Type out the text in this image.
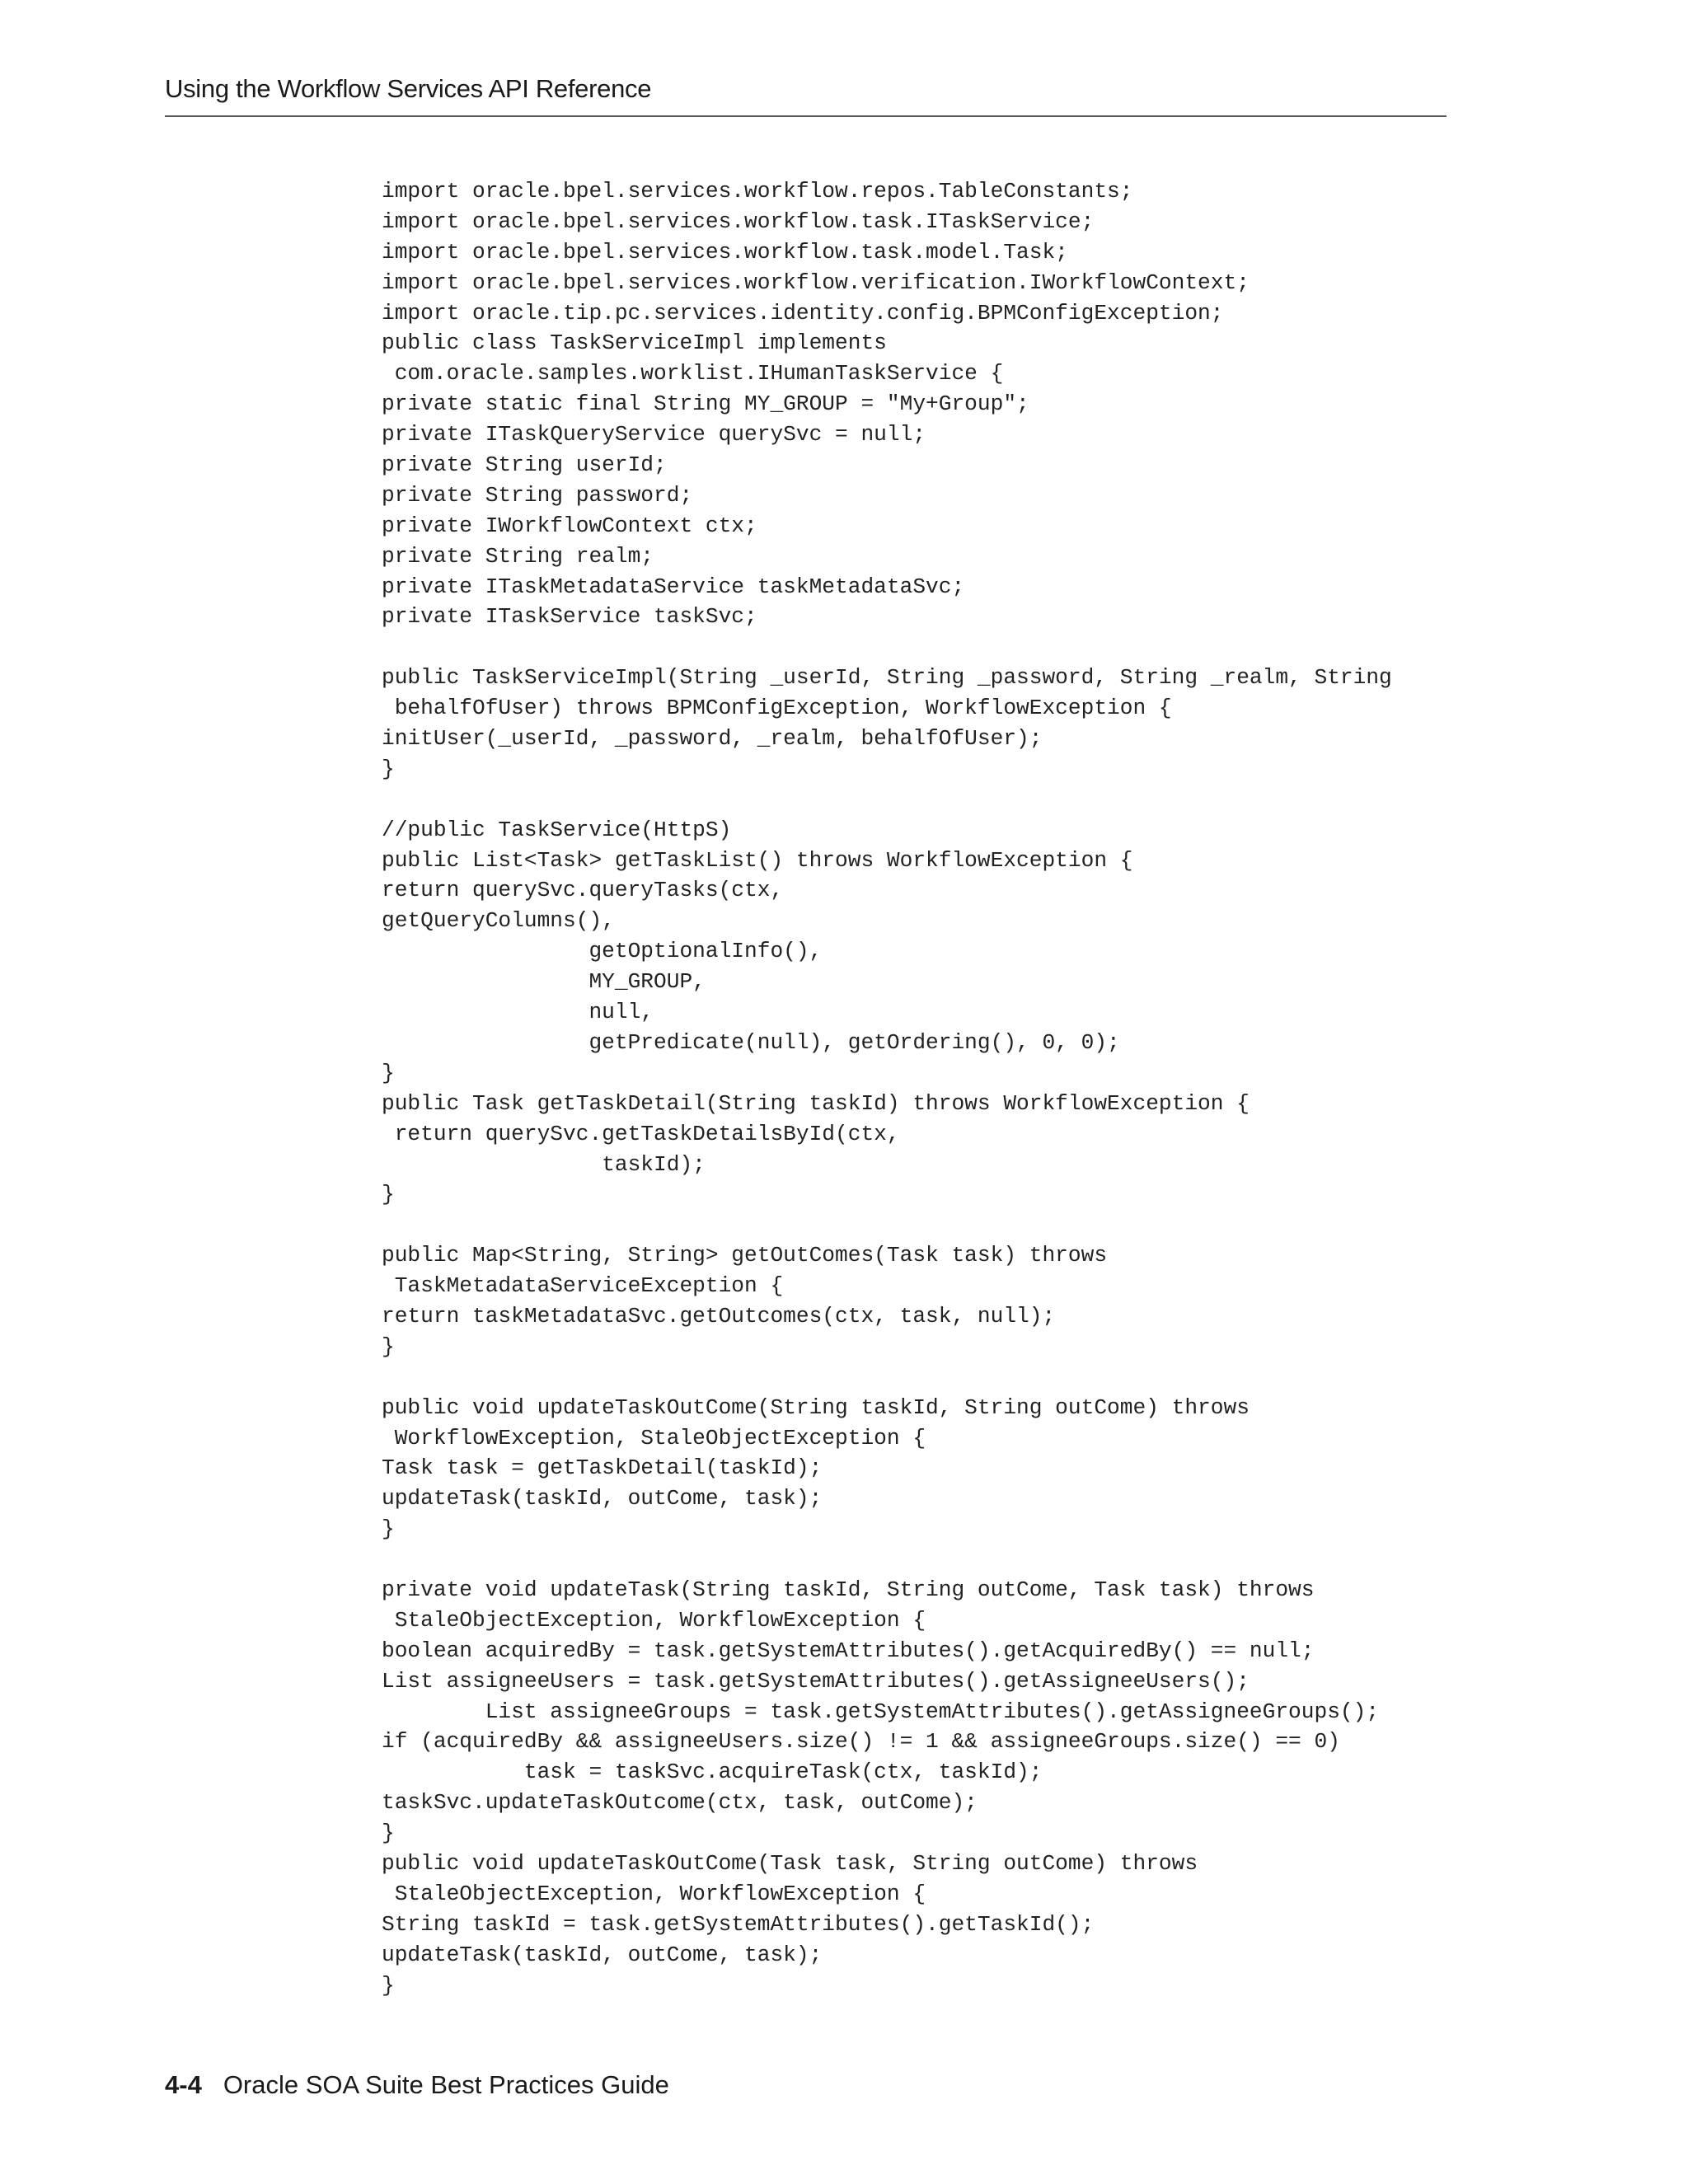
Using the Workflow Services API Reference
import oracle.bpel.services.workflow.repos.TableConstants;
import oracle.bpel.services.workflow.task.ITaskService;
import oracle.bpel.services.workflow.task.model.Task;
import oracle.bpel.services.workflow.verification.IWorkflowContext;
import oracle.tip.pc.services.identity.config.BPMConfigException;
public class TaskServiceImpl implements
com.oracle.samples.worklist.IHumanTaskService {
private static final String MY_GROUP = "My+Group";
private ITaskQueryService querySvc = null;
private String userId;
private String password;
private IWorkflowContext ctx;
private String realm;
private ITaskMetadataService taskMetadataSvc;
private ITaskService taskSvc;
public TaskServiceImpl(String _userId, String _password, String _realm, String
behalfOfUser) throws BPMConfigException, WorkflowException {
initUser(_userId, _password, _realm, behalfOfUser);
}
//public TaskService(HttpS)
public List<Task> getTaskList() throws WorkflowException {
return querySvc.queryTasks(ctx,
getQueryColumns(),
getOptionalInfo(),
MY_GROUP,
null,
getPredicate(null), getOrdering(), 0, 0);
}
public Task getTaskDetail(String taskId) throws WorkflowException {
return querySvc.getTaskDetailsById(ctx,
taskId);
}
public Map<String, String> getOutComes(Task task) throws
TaskMetadataServiceException {
return taskMetadataSvc.getOutcomes(ctx, task, null);
}
public void updateTaskOutCome(String taskId, String outCome) throws
WorkflowException, StaleObjectException {
Task task = getTaskDetail(taskId);
updateTask(taskId, outCome, task);
}
private void updateTask(String taskId, String outCome, Task task) throws
StaleObjectException, WorkflowException {
boolean acquiredBy = task.getSystemAttributes().getAcquiredBy() == null;
List assigneeUsers = task.getSystemAttributes().getAssigneeUsers();
List assigneeGroups = task.getSystemAttributes().getAssigneeGroups();
if (acquiredBy && assigneeUsers.size() != 1 && assigneeGroups.size() == 0)
task = taskSvc.acquireTask(ctx, taskId);
taskSvc.updateTaskOutcome(ctx, task, outCome);
}
public void updateTaskOutCome(Task task, String outCome) throws
StaleObjectException, WorkflowException {
String taskId = task.getSystemAttributes().getTaskId();
updateTask(taskId, outCome, task);
}
4-4 Oracle SOA Suite Best Practices Guide
